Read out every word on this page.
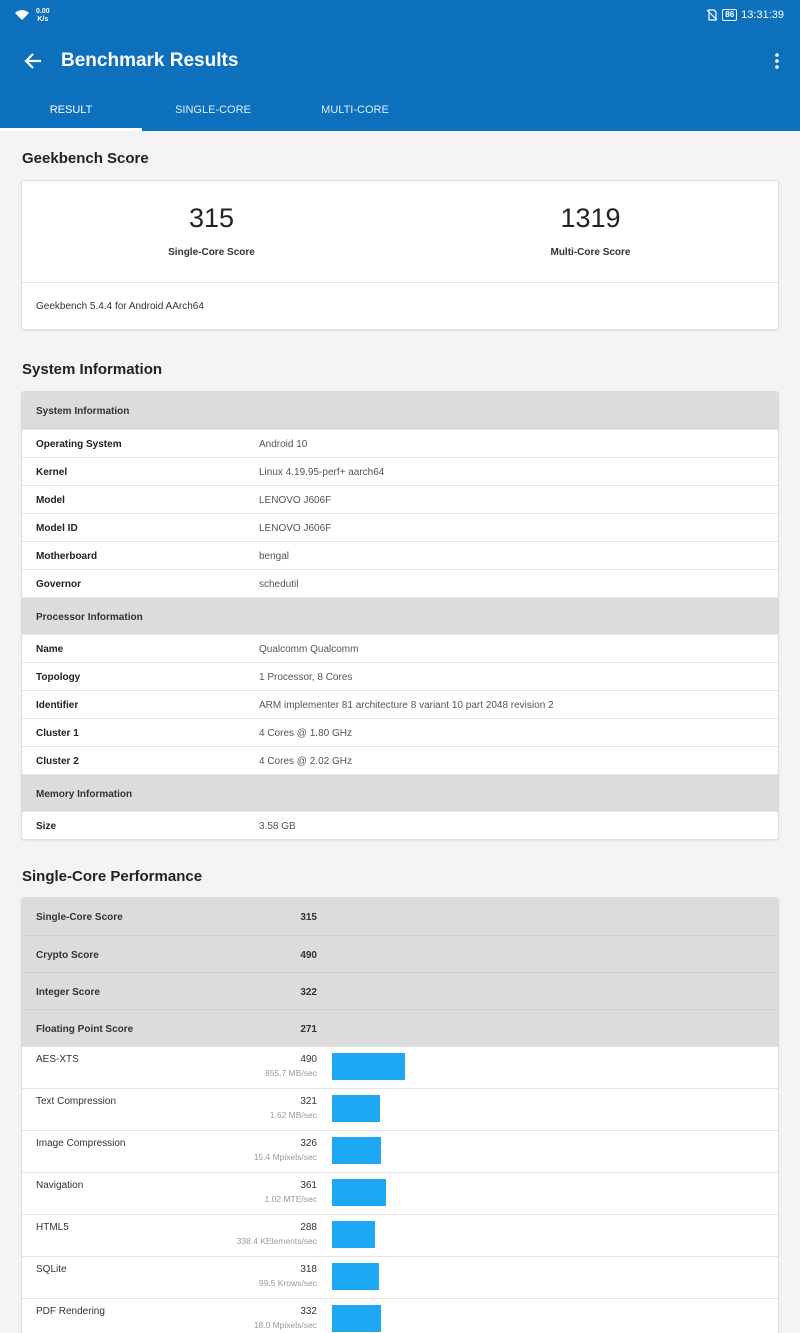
0.00
K/s
86 13:31:39
Benchmark Results
RESULT	SINGLE-CORE	MULTI-CORE
Geekbench Score
315
Single-Core Score
1319
Multi-Core Score
Geekbench 5.4.4 for Android AArch64
System Information
System Information
Operating System	Android 10
Kernel	Linux 4.19.95-perf+ aarch64
Model	LENOVO J606F
Model ID	LENOVO J606F
Motherboard	bengal
Governor	schedutil
Processor Information
Name	Qualcomm Qualcomm
Topology	1 Processor, 8 Cores
Identifier	ARM implementer 81 architecture 8 variant 10 part 2048 revision 2
Cluster 1	4 Cores @ 1.80 GHz
Cluster 2	4 Cores @ 2.02 GHz
Memory Information
Size	3.58 GB
Single-Core Performance
Single-Core Score	315
Crypto Score	490
Integer Score	322
Floating Point Score	271
AES-XTS	490
855.7 MB/sec
Text Compression	321
1.62 MB/sec
Image Compression	326
15.4 Mpixels/sec
Navigation	361
1.02 MTE/sec
HTML5	288
338.4 KElements/sec
SQLite	318
99.5 Krows/sec
PDF Rendering	332
18.0 Mpixels/sec
